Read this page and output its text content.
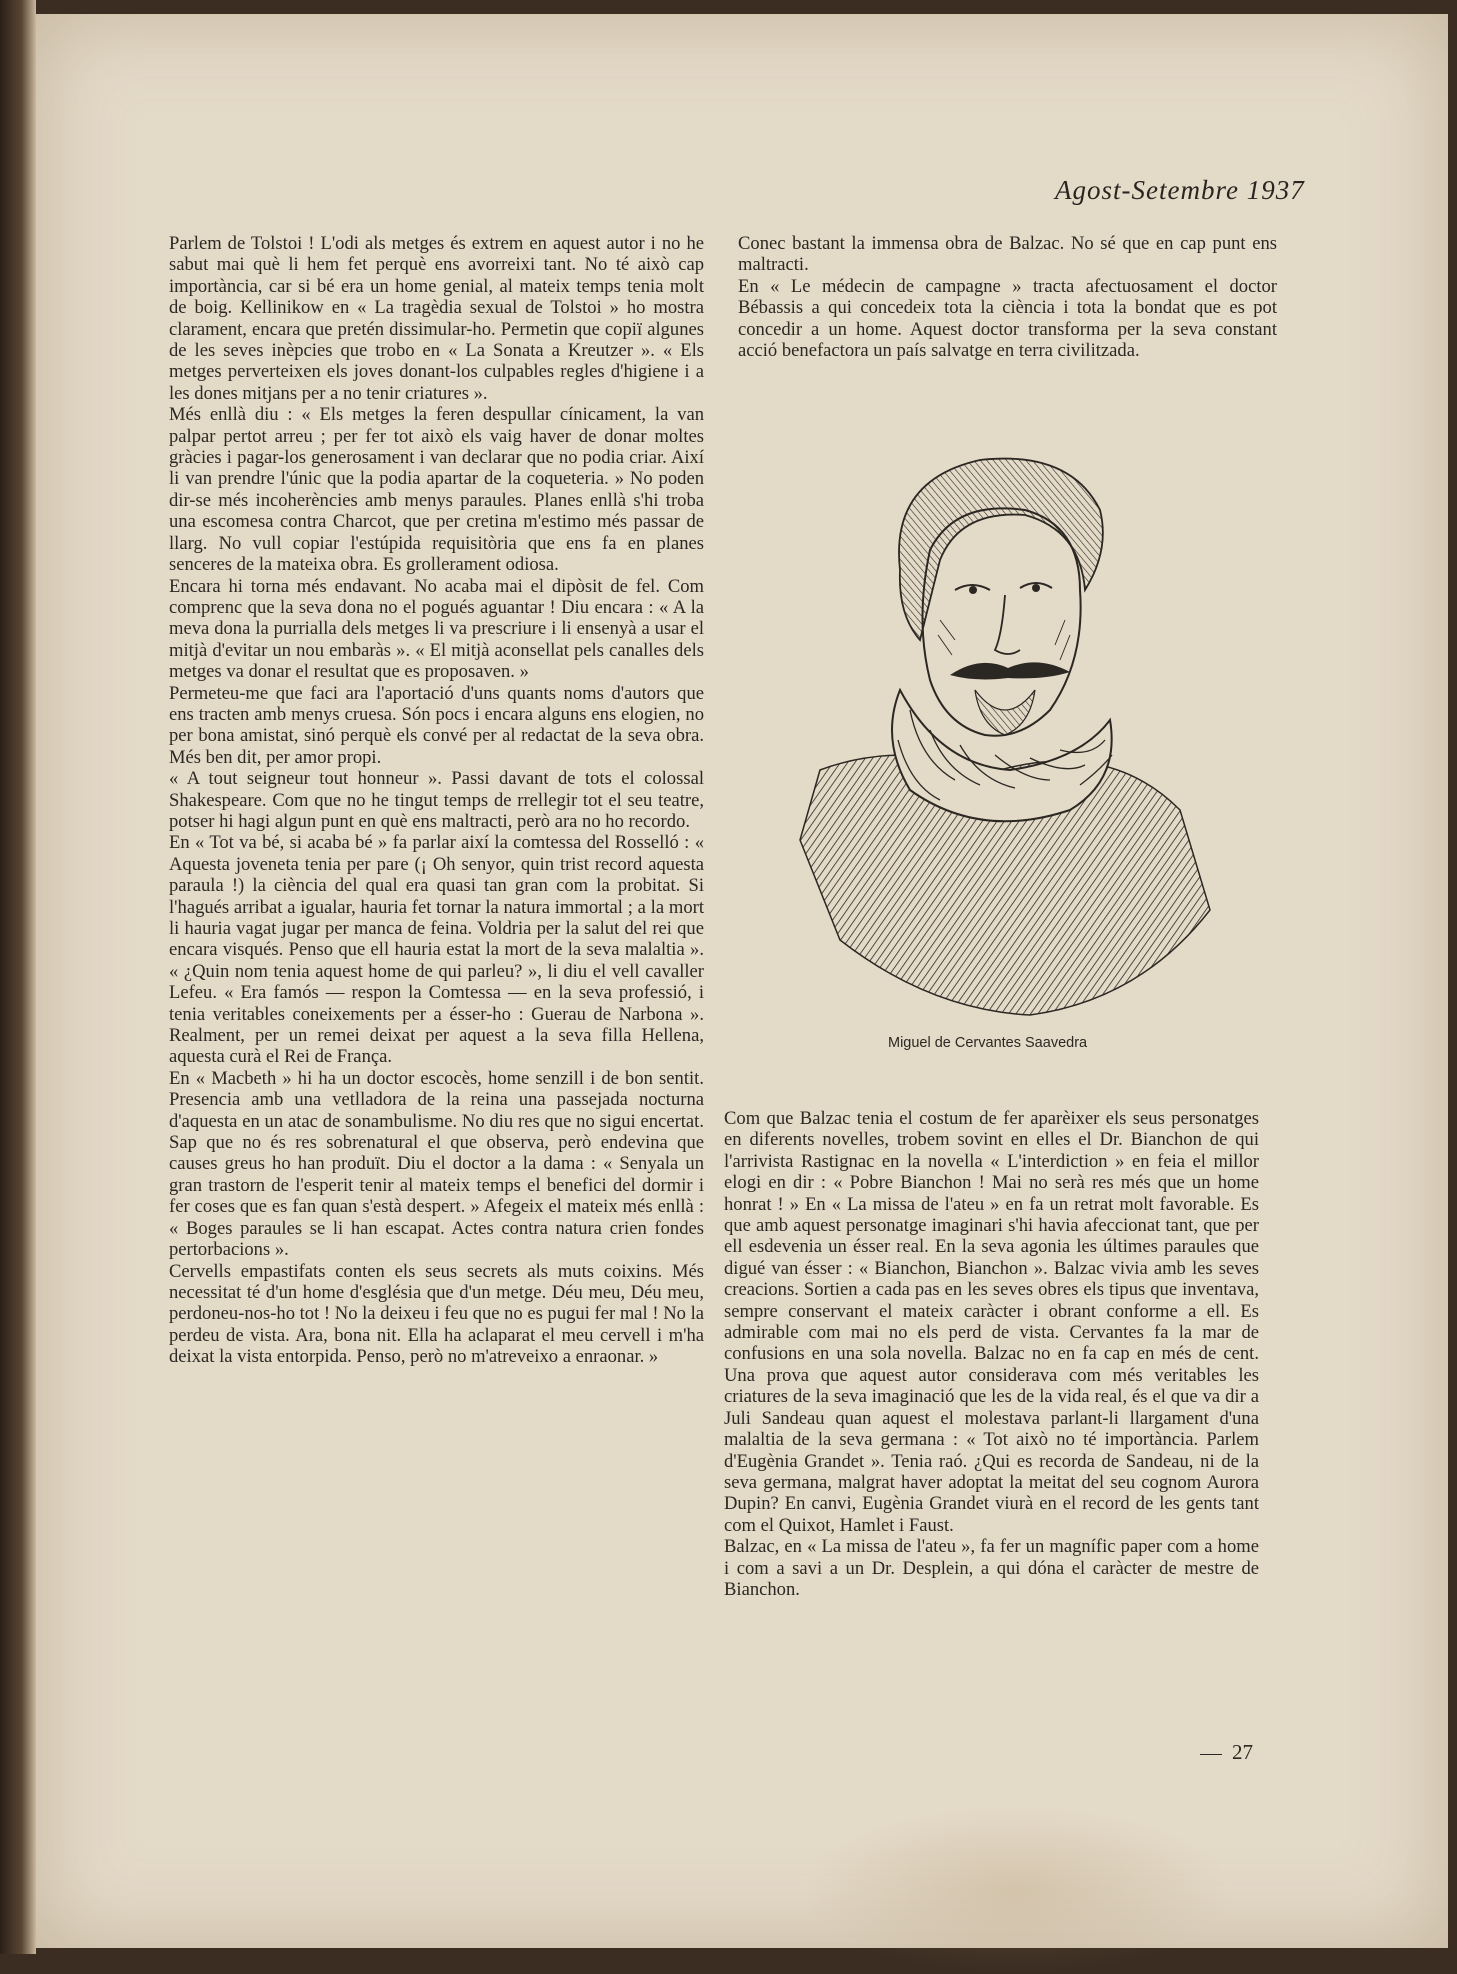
Agost-Setembre 1937

Parlem de Tolstoi ! L'odi als metges és extrem en aquest autor i no he sabut mai què li hem fet perquè ens avorreixi tant. No té això cap importància, car si bé era un home genial, al mateix temps tenia molt de boig. Kellinikow en « La tragèdia sexual de Tolstoi » ho mostra clarament, encara que pretén dissimular-ho. Permetin que copiï algunes de les seves inèpcies que trobo en « La Sonata a Kreutzer ». « Els metges perverteixen els joves donant-los culpables regles d'higiene i a les dones mitjans per a no tenir criatures ».

Més enllà diu : « Els metges la feren despullar cínicament, la van palpar pertot arreu ; per fer tot això els vaig haver de donar moltes gràcies i pagar-los generosament i van declarar que no podia criar. Així li van prendre l'únic que la podia apartar de la coqueteria. » No poden dir-se més incoherències amb menys paraules. Planes enllà s'hi troba una escomesa contra Charcot, que per cretina m'estimo més passar de llarg. No vull copiar l'estúpida requisitòria que ens fa en planes senceres de la mateixa obra. Es grollerament odiosa.

Encara hi torna més endavant. No acaba mai el dipòsit de fel. Com comprenc que la seva dona no el pogués aguantar ! Diu encara : « A la meva dona la purrialla dels metges li va prescriure i li ensenyà a usar el mitjà d'evitar un nou embaràs ». « El mitjà aconsellat pels canalles dels metges va donar el resultat que es proposaven. »

Permeteu-me que faci ara l'aportació d'uns quants noms d'autors que ens tracten amb menys cruesa. Són pocs i encara alguns ens elogien, no per bona amistat, sinó perquè els convé per al redactat de la seva obra. Més ben dit, per amor propi.

« A tout seigneur tout honneur ». Passi davant de tots el colossal Shakespeare. Com que no he tingut temps de rrellegir tot el seu teatre, potser hi hagi algun punt en què ens maltracti, però ara no ho recordo.

En « Tot va bé, si acaba bé » fa parlar així la comtessa del Rosselló : « Aquesta joveneta tenia per pare (¡ Oh senyor, quin trist record aquesta paraula !) la ciència del qual era quasi tan gran com la probitat. Si l'hagués arribat a igualar, hauria fet tornar la natura immortal ; a la mort li hauria vagat jugar per manca de feina. Voldria per la salut del rei que encara visqués. Penso que ell hauria estat la mort de la seva malaltia ». « ¿Quin nom tenia aquest home de qui parleu? », li diu el vell cavaller Lefeu. « Era famós — respon la Comtessa — en la seva professió, i tenia veritables coneixements per a ésser-ho : Guerau de Narbona ». Realment, per un remei deixat per aquest a la seva filla Hellena, aquesta curà el Rei de França.

En « Macbeth » hi ha un doctor escocès, home senzill i de bon sentit. Presencia amb una vetlladora de la reina una passejada nocturna d'aquesta en un atac de sonambulisme. No diu res que no sigui encertat. Sap que no és res sobrenatural el que observa, però endevina que causes greus ho han produït. Diu el doctor a la dama : « Senyala un gran trastorn de l'esperit tenir al mateix temps el benefici del dormir i fer coses que es fan quan s'està despert. » Afegeix el mateix més enllà : « Boges paraules se li han escapat. Actes contra natura crien fondes pertorbacions ».

Cervells empastifats conten els seus secrets als muts coixins. Més necessitat té d'un home d'església que d'un metge. Déu meu, Déu meu, perdoneu-nos-ho tot ! No la deixeu i feu que no es pugui fer mal ! No la perdeu de vista. Ara, bona nit. Ella ha aclaparat el meu cervell i m'ha deixat la vista entorpida. Penso, però no m'atreveixo a enraonar. »

Conec bastant la immensa obra de Balzac. No sé que en cap punt ens maltracti.

En « Le médecin de campagne » tracta afectuosament el doctor Bébassis a qui concedeix tota la ciència i tota la bondat que es pot concedir a un home. Aquest doctor transforma per la seva constant acció benefactora un país salvatge en terra civilitzada.

Miguel de Cervantes Saavedra

Com que Balzac tenia el costum de fer aparèixer els seus personatges en diferents novelles, trobem sovint en elles el Dr. Bianchon de qui l'arrivista Rastignac en la novella « L'interdiction » en feia el millor elogi en dir : « Pobre Bianchon ! Mai no serà res més que un home honrat ! » En « La missa de l'ateu » en fa un retrat molt favorable. Es que amb aquest personatge imaginari s'hi havia afeccionat tant, que per ell esdevenia un ésser real. En la seva agonia les últimes paraules que digué van ésser : « Bianchon, Bianchon ». Balzac vivia amb les seves creacions. Sortien a cada pas en les seves obres els tipus que inventava, sempre conservant el mateix caràcter i obrant conforme a ell. Es admirable com mai no els perd de vista. Cervantes fa la mar de confusions en una sola novella. Balzac no en fa cap en més de cent. Una prova que aquest autor considerava com més veritables les criatures de la seva imaginació que les de la vida real, és el que va dir a Juli Sandeau quan aquest el molestava parlant-li llargament d'una malaltia de la seva germana : « Tot això no té importància. Parlem d'Eugènia Grandet ». Tenia raó. ¿Qui es recorda de Sandeau, ni de la seva germana, malgrat haver adoptat la meitat del seu cognom Aurora Dupin? En canvi, Eugènia Grandet viurà en el record de les gents tant com el Quixot, Hamlet i Faust.

Balzac, en « La missa de l'ateu », fa fer un magnífic paper com a home i com a savi a un Dr. Desplein, a qui dóna el caràcter de mestre de Bianchon.

27
